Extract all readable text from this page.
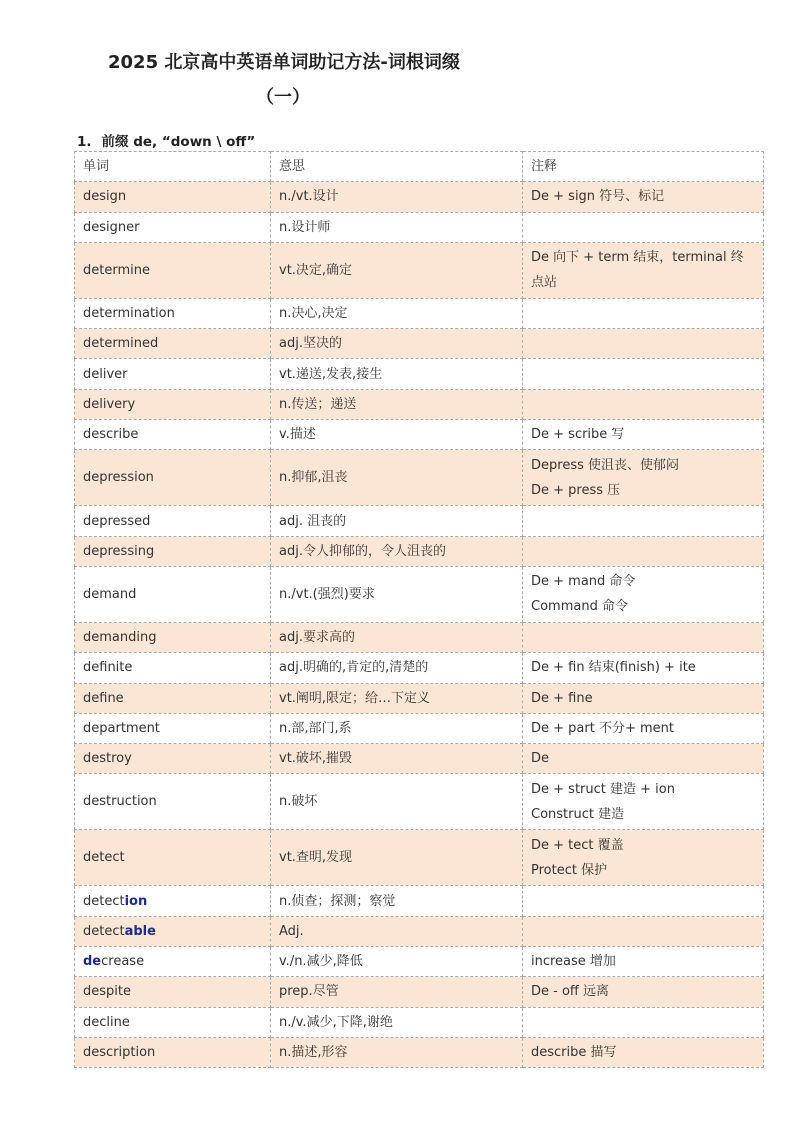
2025 北京高中英语单词助记方法-词根词缀
（一）
1. 前缀 de, “down \ off”
单词	意思	注释
design	n./vt.设计	De + sign 符号、标记

designer	n.设计师	
determine	vt.决定,确定	De 向下 + term 结束，terminal 终
点站

determination	n.决心,决定	
determined	adj.坚决的	
deliver	vt.递送,发表,接生	
delivery	n.传送；递送	
describe	v.描述	De + scribe 写

depression	n.抑郁,沮丧	Depress 使沮丧、使郁闷
De + press 压

depressed	adj. 沮丧的	
depressing	adj.令人抑郁的，令人沮丧的	
demand	n./vt.(强烈)要求	De + mand 命令
Command 命令

demanding	adj.要求高的	
definite	adj.明确的,肯定的,清楚的	De + fin 结束(finish) + ite

define	vt.阐明,限定；给…下定义	De + fine

department	n.部,部门,系	De + part 不分+ ment

destroy	vt.破坏,摧毁	De

destruction	n.破坏	De + struct 建造 + ion
Construct 建造

detect	vt.查明,发现	De + tect 覆盖
Protect 保护

detection	n.侦查；探测；察觉	
detectable	Adj.	
decrease	v./n.减少,降低	increase 增加

despite	prep.尽管	De - off 远离

decline	n./v.减少,下降,谢绝	
description	n.描述,形容	describe 描写
